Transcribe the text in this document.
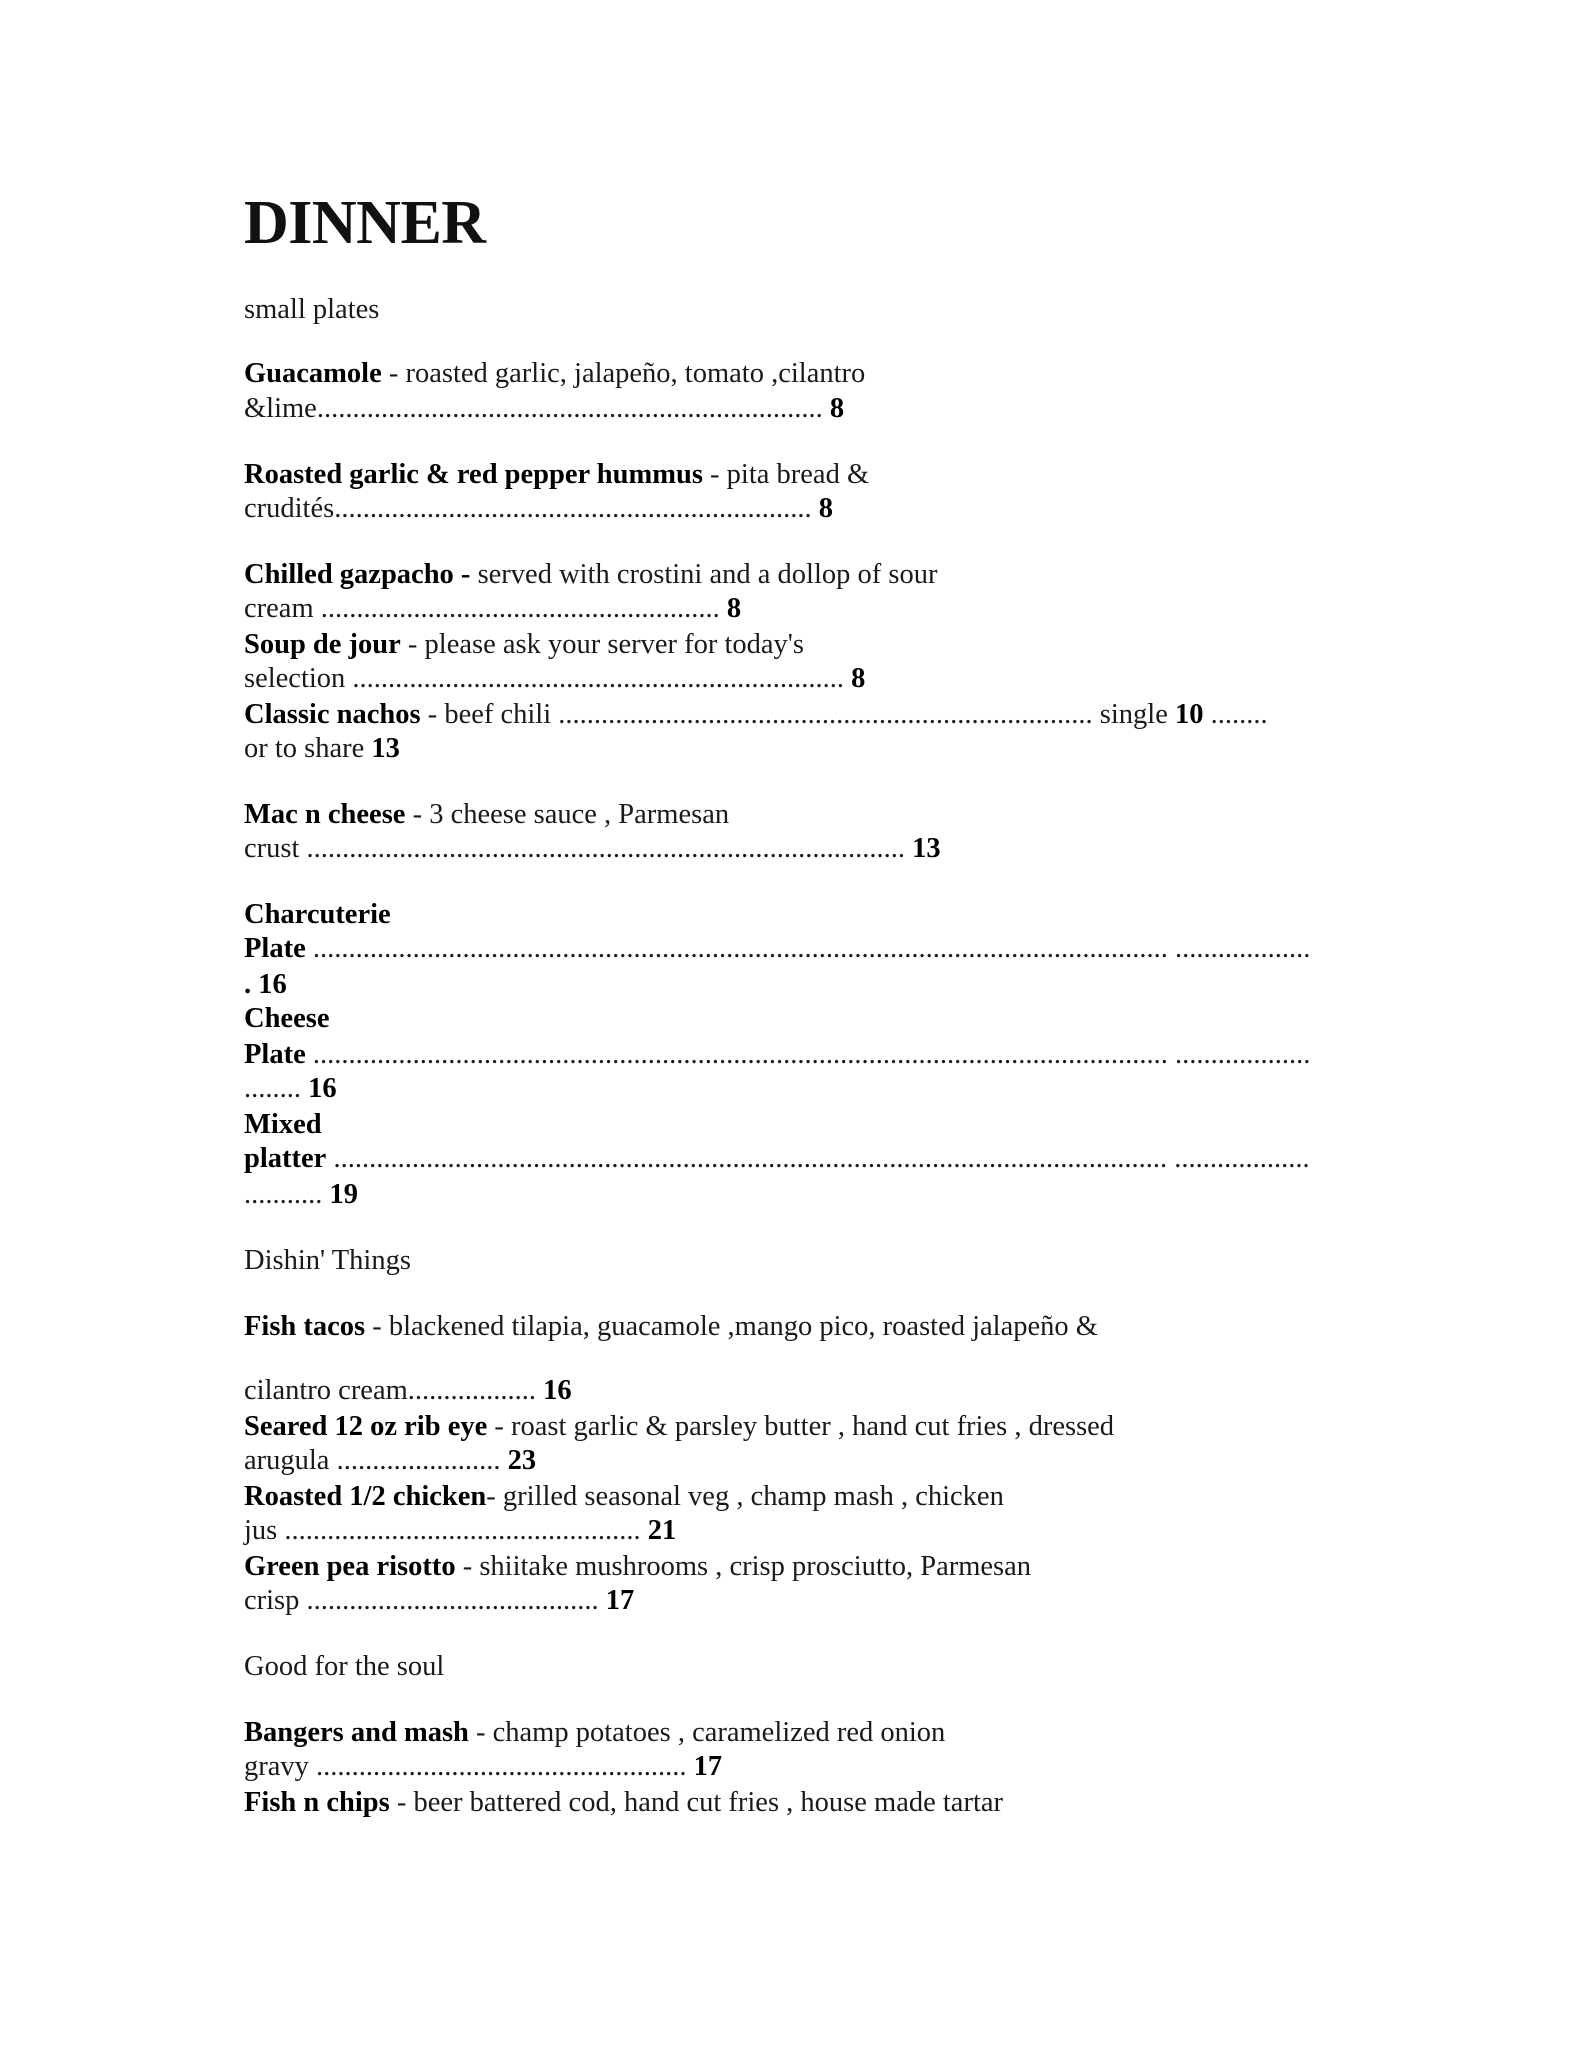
DINNER

small plates

Guacamole - roasted garlic, jalapeño, tomato ,cilantro

&lime....................................................................... 8

Roasted garlic & red pepper hummus - pita bread &

crudités................................................................... 8

Chilled gazpacho - served with crostini and a dollop of sour

cream ........................................................ 8

Soup de jour - please ask your server for today's

selection ..................................................................... 8

Classic nachos - beef chili ........................................................................... single 10 ........

or to share 13

Mac n cheese - 3 cheese sauce , Parmesan

crust .................................................................................... 13

Charcuterie

Plate ........................................................................................................................ ...................

. 16

Cheese

Plate ........................................................................................................................ ...................

........ 16

Mixed

platter ..................................................................................................................... ...................

........... 19

Dishin' Things

Fish tacos - blackened tilapia, guacamole ,mango pico, roasted jalapeño &

cilantro cream.................. 16

Seared 12 oz rib eye - roast garlic & parsley butter , hand cut fries , dressed

arugula ....................... 23

Roasted 1/2 chicken- grilled seasonal veg , champ mash , chicken

jus .................................................. 21

Green pea risotto - shiitake mushrooms , crisp prosciutto, Parmesan

crisp ......................................... 17

Good for the soul

Bangers and mash - champ potatoes , caramelized red onion

gravy .................................................... 17

Fish n chips - beer battered cod, hand cut fries , house made tartar
